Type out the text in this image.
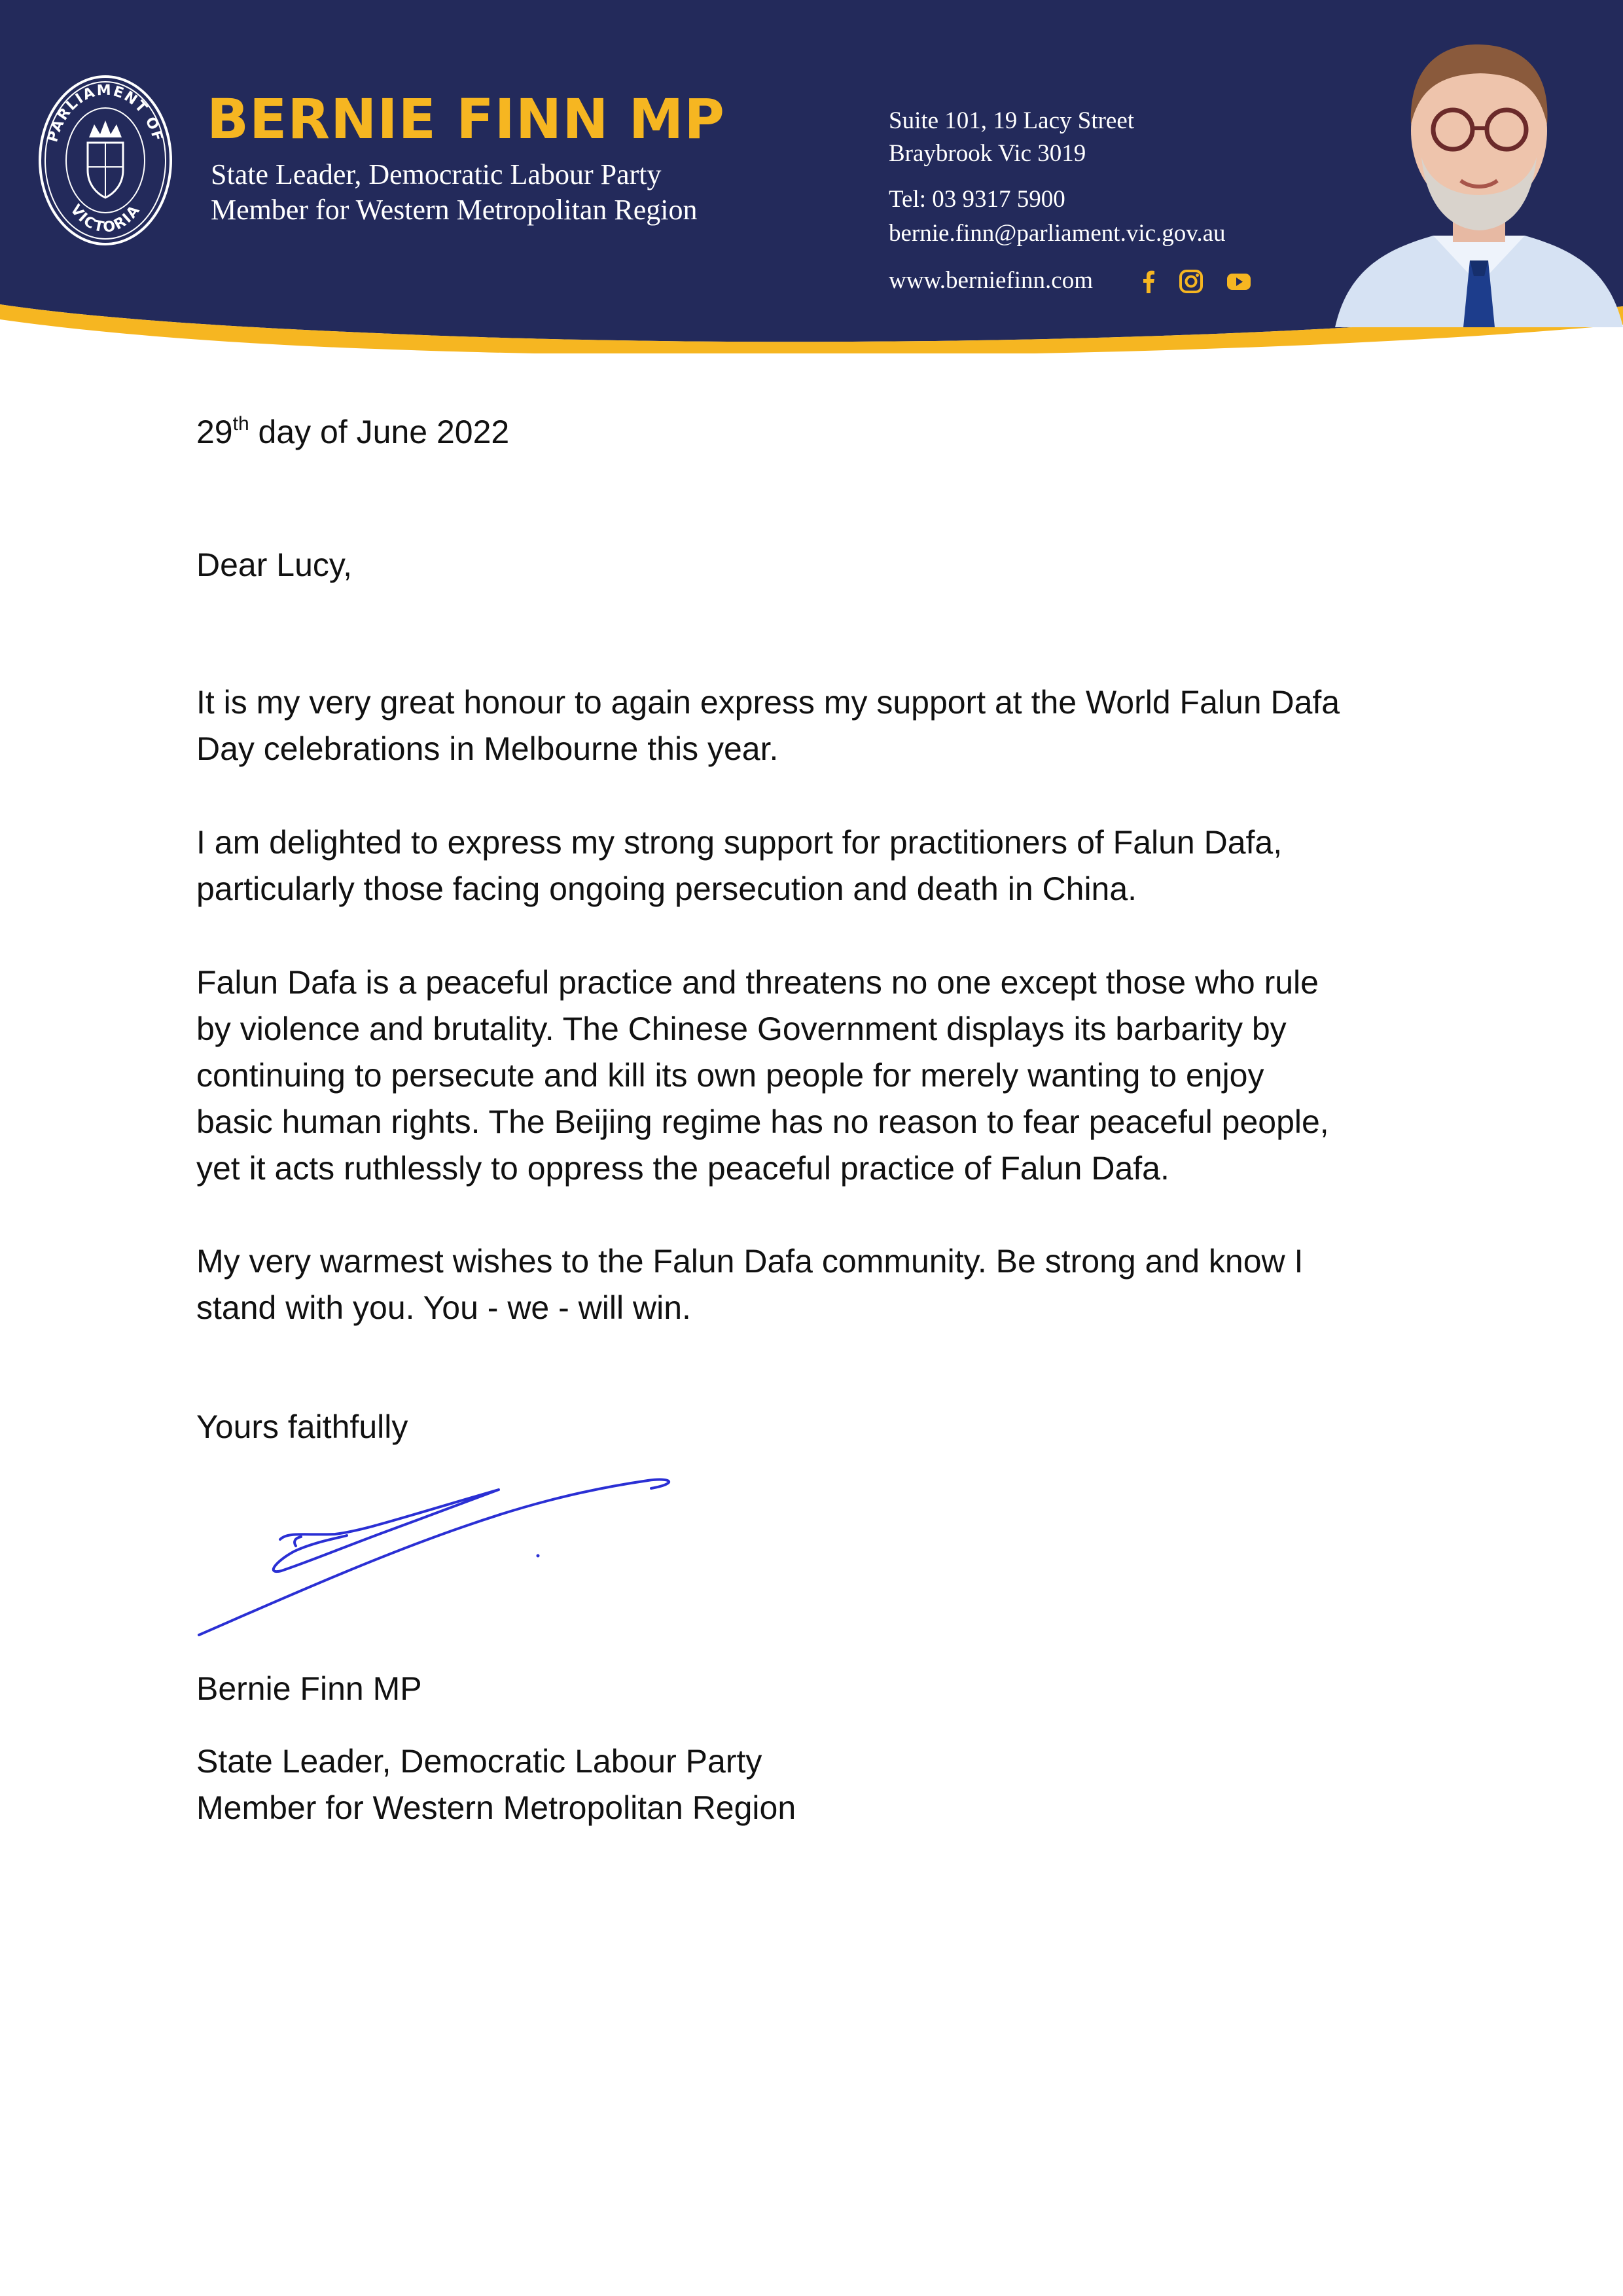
PARLIAMENT OF
VICTORIA
BERNIE FINN MP

State Leader, Democratic Labour Party

Member for Western Metropolitan Region

Suite 101, 19 Lacy Street

Braybrook Vic 3019

Tel: 03 9317 5900

bernie.finn@parliament.vic.gov.au

www.berniefinn.com

29th day of June 2022

Dear Lucy,

It is my very great honour to again express my support at the World Falun Dafa
Day celebrations in Melbourne this year.
I am delighted to express my strong support for practitioners of Falun Dafa,
particularly those facing ongoing persecution and death in China.
Falun Dafa is a peaceful practice and threatens no one except those who rule
by violence and brutality. The Chinese Government displays its barbarity by
continuing to persecute and kill its own people for merely wanting to enjoy
basic human rights. The Beijing regime has no reason to fear peaceful people,
yet it acts ruthlessly to oppress the peaceful practice of Falun Dafa.
My very warmest wishes to the Falun Dafa community. Be strong and know I
stand with you. You - we - will win.

Yours faithfully

Bernie Finn MP

State Leader, Democratic Labour Party

Member for Western Metropolitan Region
